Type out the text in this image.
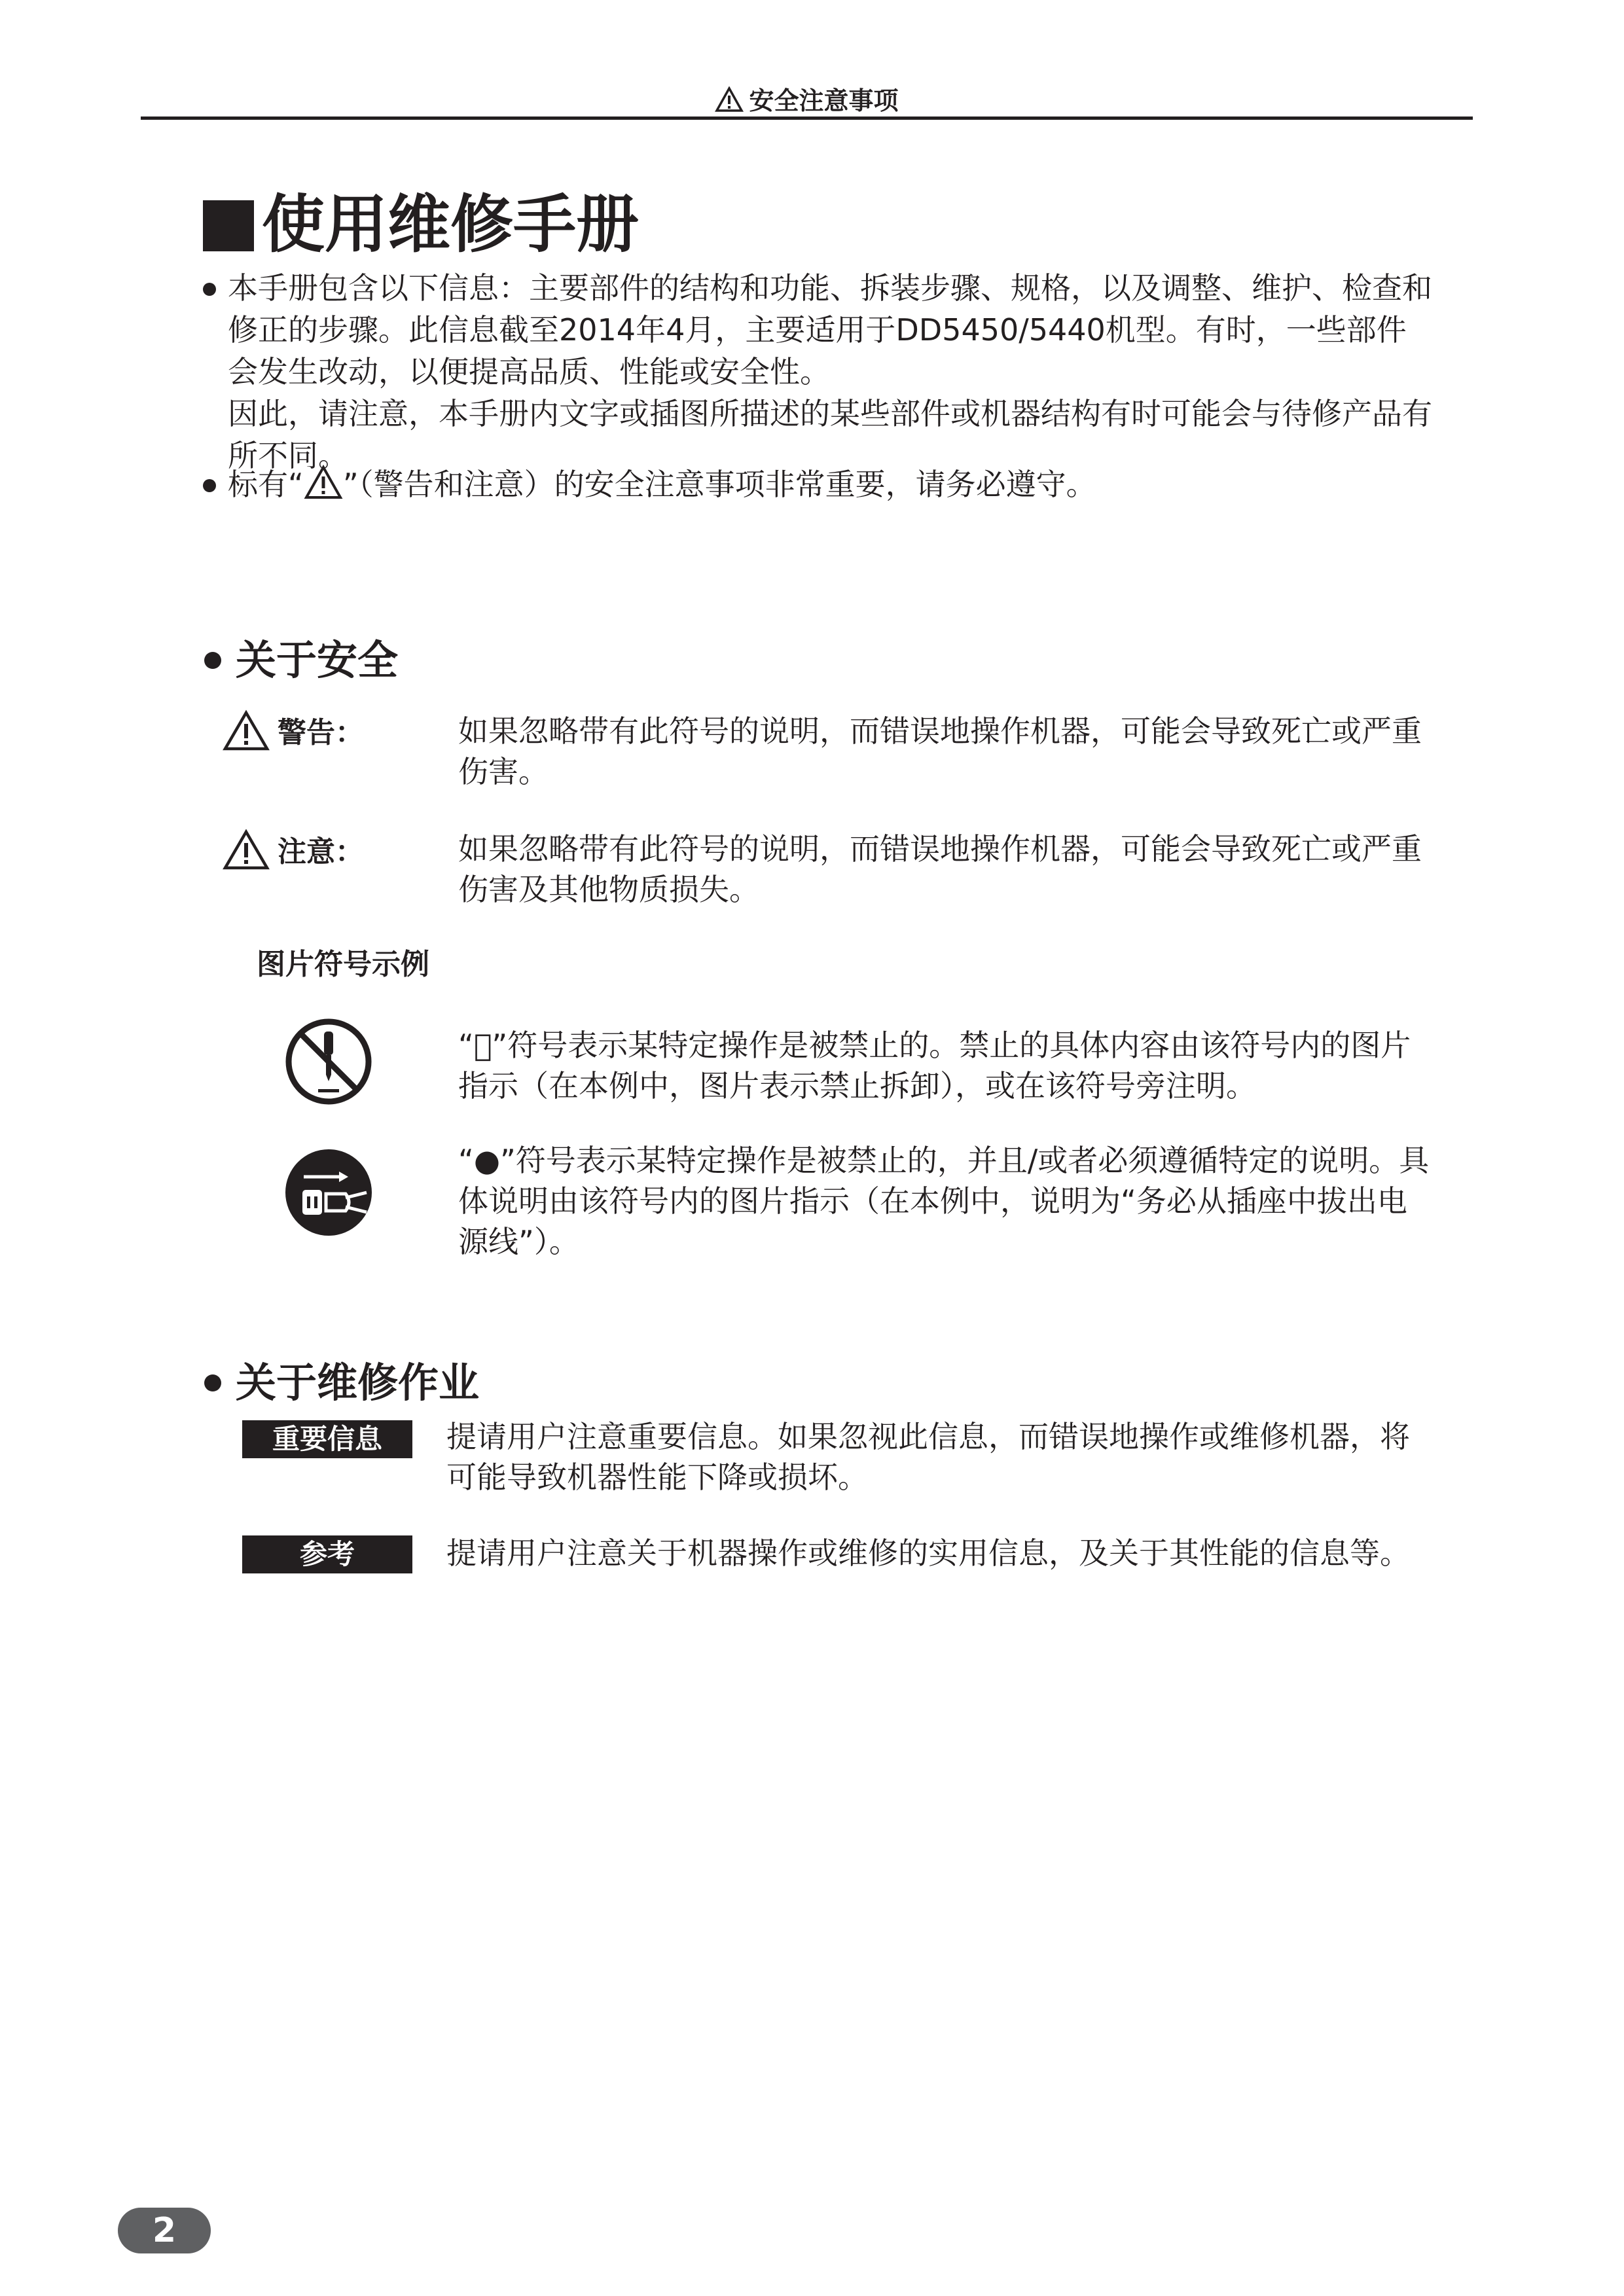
安全注意事项
使用维修手册
本手册包含以下信息：主要部件的结构和功能、拆装步骤、规格，以及调整、维护、检查和修正的步骤。此信息截至2014年4月，主要适用于DD5450/5440机型。有时，一些部件会发生改动，以便提高品质、性能或安全性。
因此，请注意，本手册内文字或插图所描述的某些部件或机器结构有时可能会与待修产品有所不同。
标有“ ”（警告和注意）的安全注意事项非常重要，请务必遵守。
关于安全
警告：	如果忽略带有此符号的说明，而错误地操作机器，可能会导致死亡或严重伤害。
注意：	如果忽略带有此符号的说明，而错误地操作机器，可能会导致死亡或严重伤害及其他物质损失。
图片符号示例
“⃠”符号表示某特定操作是被禁止的。禁止的具体内容由该符号内的图片指示（在本例中，图片表示禁止拆卸），或在该符号旁注明。
“●”符号表示某特定操作是被禁止的，并且/或者必须遵循特定的说明。具体说明由该符号内的图片指示（在本例中，说明为“务必从插座中拔出电源线”）。
关于维修作业
重要信息	提请用户注意重要信息。如果忽视此信息，而错误地操作或维修机器，将可能导致机器性能下降或损坏。
参考	提请用户注意关于机器操作或维修的实用信息，及关于其性能的信息等。
2
